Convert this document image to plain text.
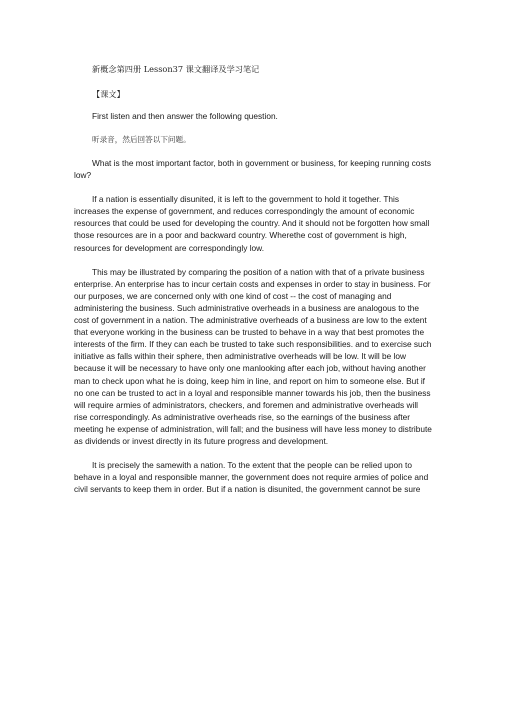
新概念第四册 Lesson37 课文翻译及学习笔记

【课文】

First listen and then answer the following question.

听录音，然后回答以下问题。

What is the most important factor, both in government or business, for keeping running costs low?

If a nation is essentially disunited, it is left to the government to hold it together. This increases the expense of government, and reduces correspondingly the amount of economic resources that could be used for developing the country. And it should not be forgotten how small those resources are in a poor and backward country. Wherethe cost of government is high, resources for development are correspondingly low.

This may be illustrated by comparing the position of a nation with that of a private business enterprise. An enterprise has to incur certain costs and expenses in order to stay in business. For our purposes, we are concerned only with one kind of cost -- the cost of managing and administering the business. Such administrative overheads in a business are analogous to the cost of government in a nation. The administrative overheads of a business are low to the extent that everyone working in the business can be trusted to behave in a way that best promotes the interests of the firm. If they can each be trusted to take such responsibilities. and to exercise such initiative as falls within their sphere, then administrative overheads will be low. It will be low because it will be necessary to have only one manlooking after each job, without having another man to check upon what he is doing, keep him in line, and report on him to someone else. But if no one can be trusted to act in a loyal and responsible manner towards his job, then the business will require armies of administrators, checkers, and foremen and administrative overheads will rise correspondingly. As administrative overheads rise, so the earnings of the business after meeting he expense of administration, will fall; and the business will have less money to distribute as dividends or invest directly in its future progress and development.

It is precisely the samewith a nation. To the extent that the people can be relied upon to behave in a loyal and responsible manner, the government does not require armies of police and civil servants to keep them in order. But if a nation is disunited, the government cannot be sure
